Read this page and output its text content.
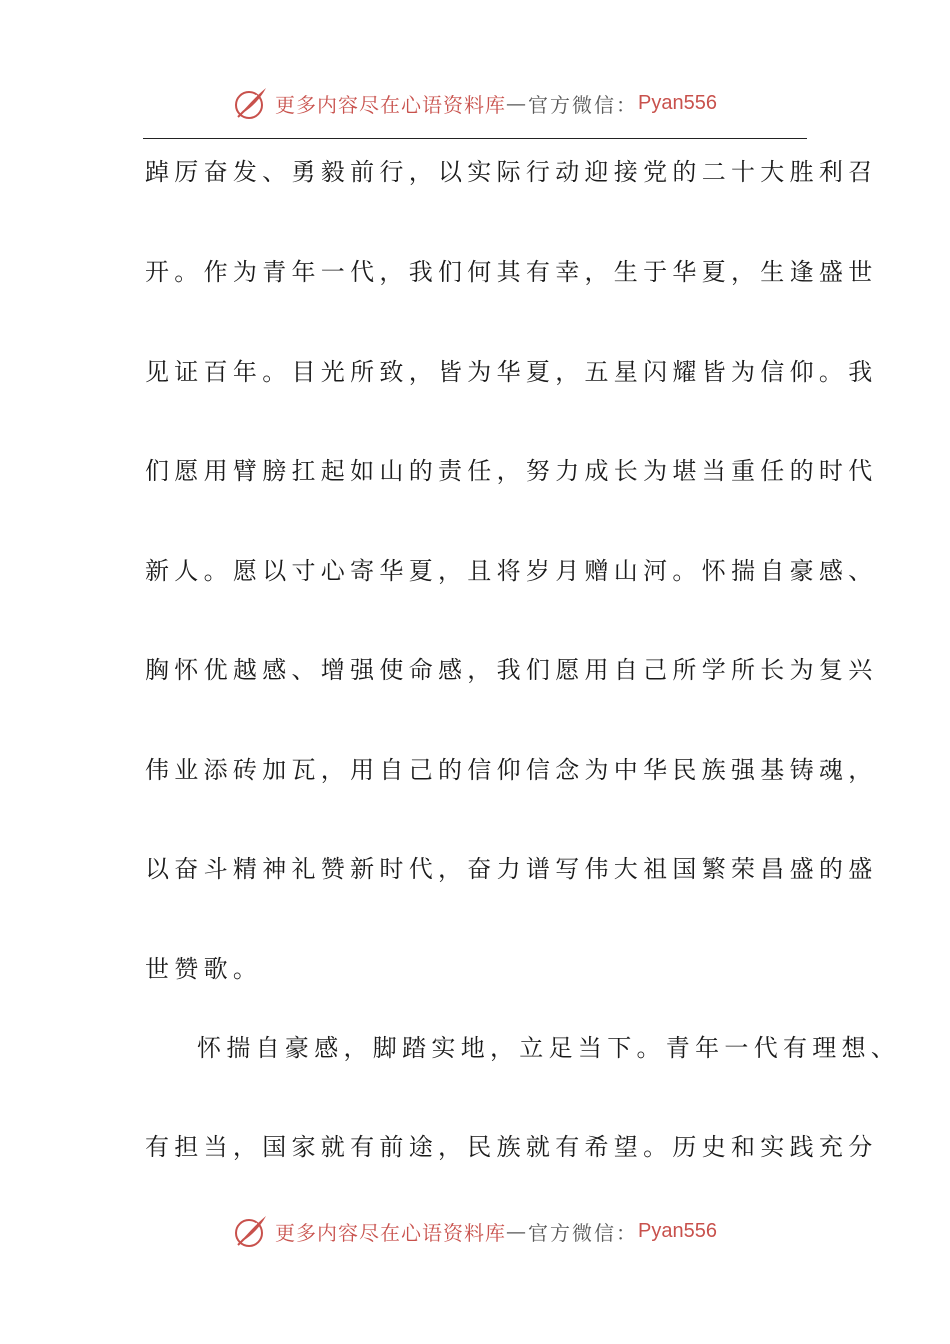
更多内容尽在心语资料库 — 官方微信： Pyan556
踔厉奋发、勇毅前行，以实际行动迎接党的二十大胜利召
开。作为青年一代，我们何其有幸，生于华夏，生逢盛世
见证百年。目光所致，皆为华夏，五星闪耀皆为信仰。我
们愿用臂膀扛起如山的责任，努力成长为堪当重任的时代
新人。愿以寸心寄华夏，且将岁月赠山河。怀揣自豪感、
胸怀优越感、增强使命感，我们愿用自己所学所长为复兴
伟业添砖加瓦，用自己的信仰信念为中华民族强基铸魂，
以奋斗精神礼赞新时代，奋力谱写伟大祖国繁荣昌盛的盛
世赞歌。
怀揣自豪感，脚踏实地，立足当下。青年一代有理想、
有担当，国家就有前途，民族就有希望。历史和实践充分
更多内容尽在心语资料库 — 官方微信： Pyan556
